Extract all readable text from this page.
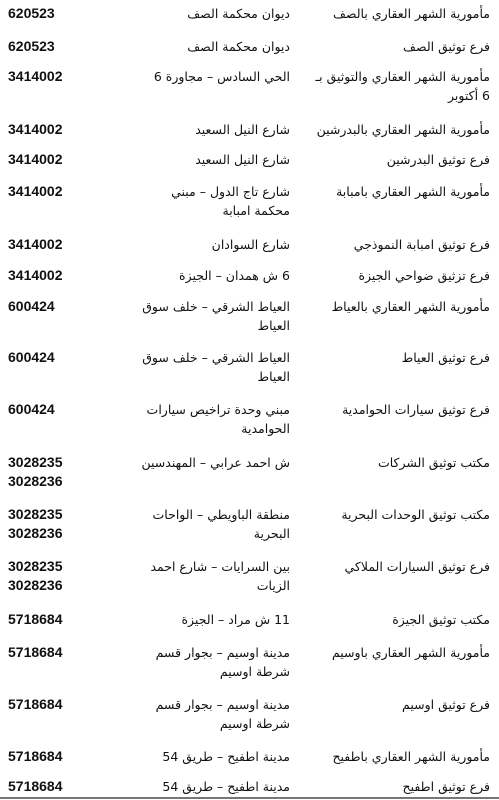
مأمورية الشهر العقاري بالصف
ديوان محكمة الصف
620523
فرع توثيق الصف
ديوان محكمة الصف
620523
مأمورية الشهر العقاري والتوثيق بـ 6 أكتوبر
الحي السادس – مجاورة 6
3414002
مأمورية الشهر العقاري بالبدرشين
شارع النيل السعيد
3414002
فرع توثيق البدرشين
شارع النيل السعيد
3414002
مأمورية الشهر العقاري بامبابة
شارع تاج الدول – مبني محكمة امبابة
3414002
فرع توثيق امبابة النموذجي
شارع السوادان
3414002
فرع تزثيق ضواحي الجيزة
6 ش همدان – الجيزة
3414002
مأمورية الشهر العقاري بالعياط
العياط الشرقي – خلف سوق العياط
600424
فرع توثيق العياط
العياط الشرقي – خلف سوق العياط
600424
فرع توثيق سيارات الحوامدية
مبني وحدة تراخيص سيارات الحوامدية
600424
مكتب توثيق الشركات
ش احمد عرابي – المهندسين
3028235
3028236
مكتب توثيق الوحدات البحرية
منطقة الباويطي – الواحات البحرية
3028235
3028236
فرع توثيق السيارات الملاكي
بين السرايات – شارع احمد الزيات
3028235
3028236
مكتب توثيق الجيزة
11 ش مراد – الجيزة
5718684
مأمورية الشهر العقاري باوسيم
مدينة اوسيم – بجوار قسم شرطة اوسيم
5718684
فرع توثيق اوسيم
مدينة اوسيم – بجوار قسم شرطة اوسيم
5718684
مأمورية الشهر العقاري باطفيح
مدينة اطفيح – طريق 54
5718684
فرع توثيق اطفيح
مدينة اطفيح – طريق 54
5718684
